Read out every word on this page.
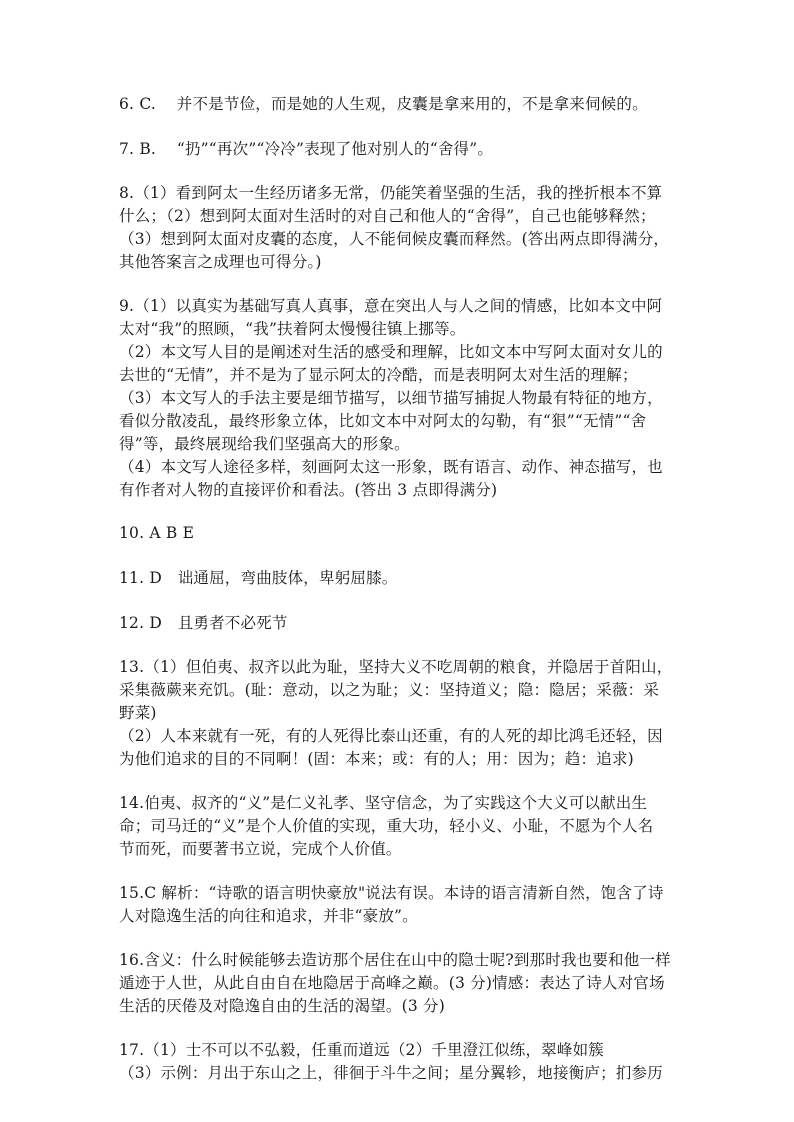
6. C.　 并不是节俭，而是她的人生观，皮囊是拿来用的，不是拿来伺候的。
7. B.　 “扔”“再次”“冷冷”表现了他对别人的“舍得”。
8.（1）看到阿太一生经历诸多无常，仍能笑着坚强的生活，我的挫折根本不算
什么；（2）想到阿太面对生活时的对自己和他人的“舍得”，自己也能够释然；
（3）想到阿太面对皮囊的态度，人不能伺候皮囊而释然。(答出两点即得满分，
其他答案言之成理也可得分。)
9.（1）以真实为基础写真人真事，意在突出人与人之间的情感，比如本文中阿
太对“我”的照顾，“我”扶着阿太慢慢往镇上挪等。
（2）本文写人目的是阐述对生活的感受和理解，比如文本中写阿太面对女儿的
去世的“无情”，并不是为了显示阿太的冷酷，而是表明阿太对生活的理解；
（3）本文写人的手法主要是细节描写，以细节描写捕捉人物最有特征的地方，
看似分散凌乱，最终形象立体，比如文本中对阿太的勾勒，有“狠”“无情”“舍
得”等，最终展现给我们坚强高大的形象。
（4）本文写人途径多样，刻画阿太这一形象，既有语言、动作、神态描写，也
有作者对人物的直接评价和看法。(答出 3 点即得满分)
10. A B E
11. D　诎通屈，弯曲肢体，卑躬屈膝。
12. D　且勇者不必死节
13.（1）但伯夷、叔齐以此为耻，坚持大义不吃周朝的粮食，并隐居于首阳山，
采集薇蕨来充饥。(耻：意动，以之为耻；义：坚持道义；隐：隐居；采薇：采
野菜)
（2）人本来就有一死，有的人死得比泰山还重，有的人死的却比鸿毛还轻，因
为他们追求的目的不同啊！(固：本来；或：有的人；用：因为；趋：追求)
14.伯夷、叔齐的“义”是仁义礼孝、坚守信念，为了实践这个大义可以献出生
命；司马迁的“义”是个人价值的实现，重大功，轻小义、小耻，不愿为个人名
节而死，而要著书立说，完成个人价值。
15.C 解析：“诗歌的语言明快豪放"说法有误。本诗的语言清新自然，饱含了诗
人对隐逸生活的向往和追求，并非“豪放”。
16.含义：什么时候能够去造访那个居住在山中的隐士呢?到那时我也要和他一样
遁迹于人世，从此自由自在地隐居于高峰之巅。(3 分)情感：表达了诗人对官场
生活的厌倦及对隐逸自由的生活的渴望。(3 分)
17.（1）士不可以不弘毅，任重而道远（2）千里澄江似练，翠峰如簇
（3）示例：月出于东山之上，徘徊于斗牛之间；星分翼轸，地接衡庐；扪参历
